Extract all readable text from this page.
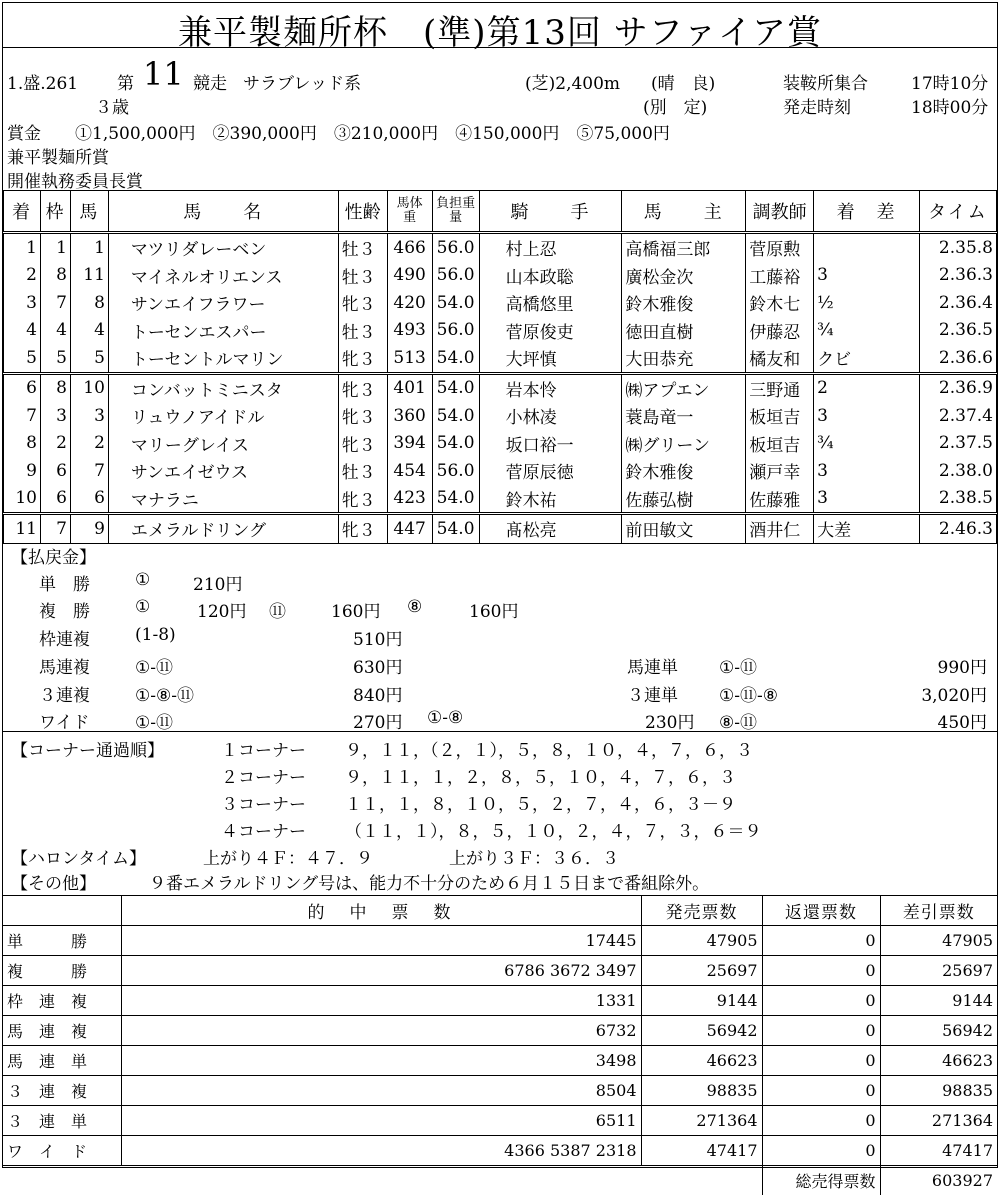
兼平製麺所杯　(準)第13回 サファイア賞
1.盛.261 第 11 競走 サラブレッド系
３歳
(芝)2,400m (晴　良)
(別　定)
装鞍所集合	17時10分
発走時刻	18時00分
賞金　　①1,500,000円　②390,000円　③210,000円　④150,000円　⑤75,000円
兼平製麺所賞
開催執務委員長賞
着	枠	馬	馬　　名	性齢	馬体重	負担重量	騎　　手	馬　　主	調教師	着　差	タイム
1	1	1	マツリダレーベン	牡３	466	56.0	村上忍	高橋福三郎	菅原勲		2.35.8
2	8	11	マイネルオリエンス	牡３	490	56.0	山本政聡	廣松金次	工藤裕	3	2.36.3
3	7	8	サンエイフラワー	牝３	420	54.0	高橋悠里	鈴木雅俊	鈴木七	½	2.36.4
4	4	4	トーセンエスパー	牡３	493	56.0	菅原俊吏	徳田直樹	伊藤忍	¾	2.36.5
5	5	5	トーセントルマリン	牝３	513	54.0	大坪慎	大田恭充	橘友和	クビ	2.36.6
6	8	10	コンバットミニスタ	牝３	401	54.0	岩本怜	㈱アプエン	三野通	2	2.36.9
7	3	3	リュウノアイドル	牝３	360	54.0	小林凌	蓑島竜一	板垣吉	3	2.37.4
8	2	2	マリーグレイス	牝３	394	54.0	坂口裕一	㈱グリーン	板垣吉	¾	2.37.5
9	6	7	サンエイゼウス	牡３	454	56.0	菅原辰徳	鈴木雅俊	瀬戸幸	3	2.38.0
10	6	6	マナラニ	牝３	423	54.0	鈴木祐	佐藤弘樹	佐藤雅	3	2.38.5
11	7	9	エメラルドリング	牝３	447	54.0	髙松亮	前田敏文	酒井仁	大差	2.46.3
【払戻金】
単　勝	①	210円
複　勝	①	120円 ⑪	160円 ⑧	160円
枠連複	(1-8)	510円
馬連複	①-⑪	630円	馬連単 ①-⑪	990円
３連複	①-⑧-⑪	840円	３連単 ①-⑪-⑧	3,020円
ワイド	①-⑪	270円 ①-⑧	230円 ⑧-⑪	450円
【コーナー通過順】	１コーナー ９，１１，（２，１），５，８，１０，４，７，６，３
２コーナー ９，１１，１，２，８，５，１０，４，７，６，３
３コーナー １１，１，８，１０，５，２，７，４，６，３－９
４コーナー （１１，１），８，５，１０，２，４，７，３，６＝９
【ハロンタイム】	上がり４Ｆ：４７．９	上がり３Ｆ：３６．３
【その他】	９番エメラルドリング号は、能力不十分のため６月１５日まで番組除外。
	的　中　票　数	発売票数	返還票数	差引票数
単　　　勝	17445	47905	0	47905
複　　　勝	6786 3672 3497	25697	0	25697
枠　連　複	1331	9144	0	9144
馬　連　複	6732	56942	0	56942
馬　連　単	3498	46623	0	46623
３　連　複	8504	98835	0	98835
３　連　単	6511	271364	0	271364
ワ　イ　ド	4366 5387 2318	47417	0	47417
			総売得票数	603927
